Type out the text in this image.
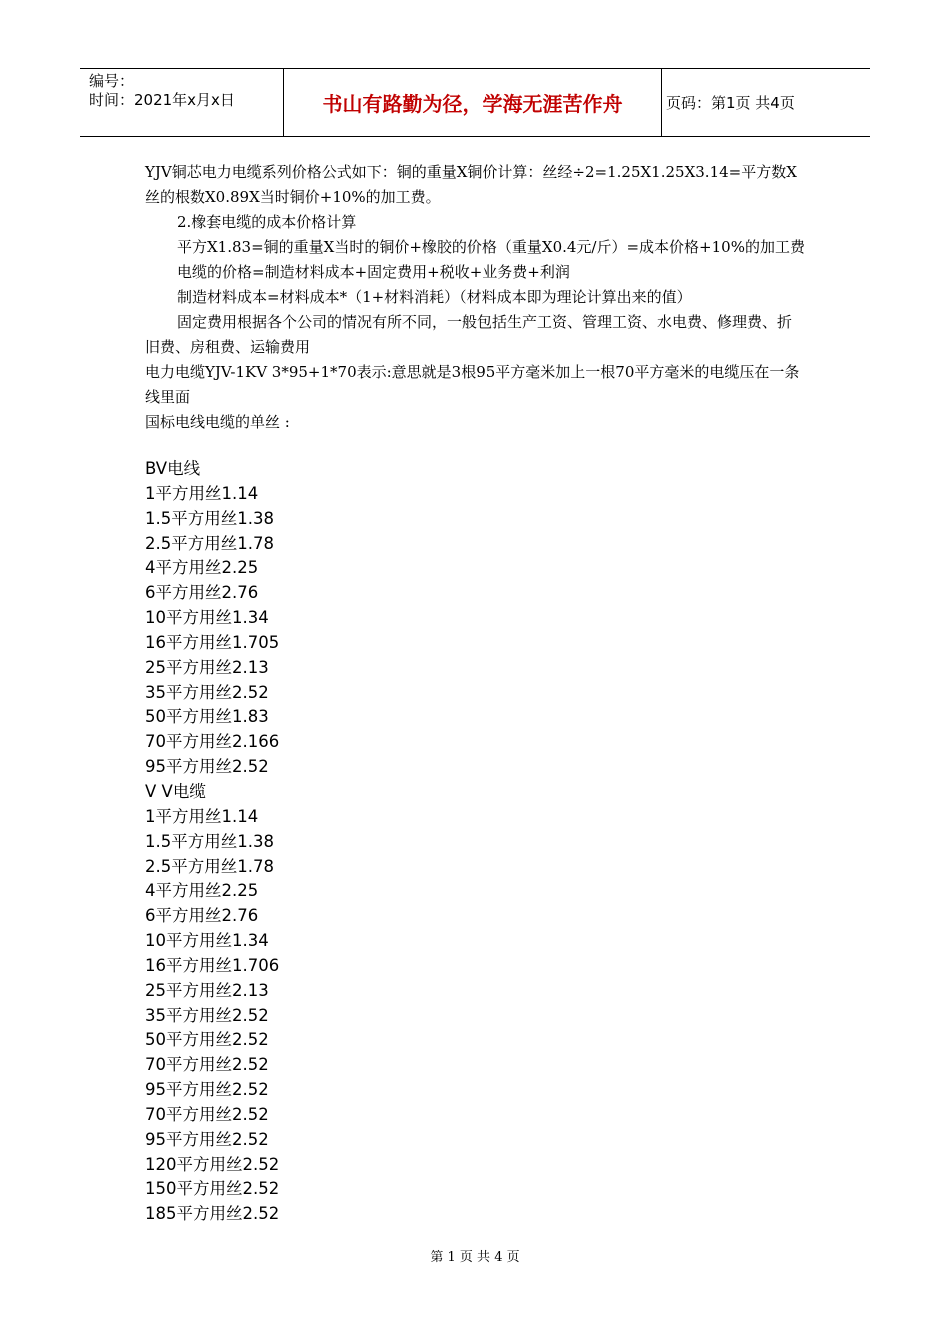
编号：
时间：2021年x月x日	书山有路勤为径，学海无涯苦作舟	页码：第1页 共4页

YJV铜芯电力电缆系列价格公式如下：铜的重量X铜价计算：丝经÷2=1.25X1.25X3.14=平方数X丝的根数X0.89X当时铜价+10%的加工费。

2.橡套电缆的成本价格计算

平方X1.83=铜的重量X当时的铜价+橡胶的价格（重量X0.4元/斤）=成本价格+10%的加工费

电缆的价格=制造材料成本+固定费用+税收+业务费+利润

制造材料成本=材料成本*（1+材料消耗）（材料成本即为理论计算出来的值）

固定费用根据各个公司的情况有所不同，一般包括生产工资、管理工资、水电费、修理费、折旧费、房租费、运输费用

电力电缆YJV-1KV 3*95+1*70表示:意思就是3根95平方毫米加上一根70平方毫米的电缆压在一条线里面

国标电线电缆的单丝 :

BV电线
1平方用丝1.14
1.5平方用丝1.38
2.5平方用丝1.78
4平方用丝2.25
6平方用丝2.76
10平方用丝1.34
16平方用丝1.705
25平方用丝2.13
35平方用丝2.52
50平方用丝1.83
70平方用丝2.166
95平方用丝2.52
V V电缆
1平方用丝1.14
1.5平方用丝1.38
2.5平方用丝1.78
4平方用丝2.25
6平方用丝2.76
10平方用丝1.34
16平方用丝1.706
25平方用丝2.13
35平方用丝2.52
50平方用丝2.52
70平方用丝2.52
95平方用丝2.52
70平方用丝2.52
95平方用丝2.52
120平方用丝2.52
150平方用丝2.52
185平方用丝2.52
第 1 页 共 4 页
